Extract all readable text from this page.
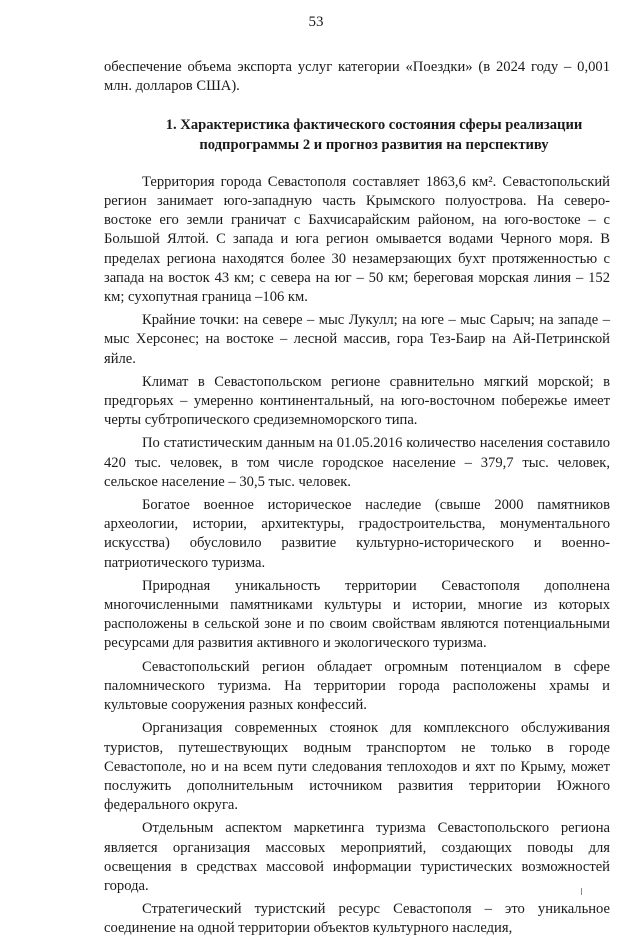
53

обеспечение объема экспорта услуг категории «Поездки» (в 2024 году – 0,001 млн. долларов США).

1. Характеристика фактического состояния сферы реализации
подпрограммы 2 и прогноз развития на перспективу

Территория города Севастополя составляет 1863,6 км². Севастопольский регион занимает юго-западную часть Крымского полуострова. На северо-востоке его земли граничат с Бахчисарайским районом, на юго-востоке – с Большой Ялтой. С запада и юга регион омывается водами Черного моря. В пределах региона находятся более 30 незамерзающих бухт протяженностью с запада на восток 43 км; с севера на юг – 50 км; береговая морская линия – 152 км; сухопутная граница –106 км.

Крайние точки: на севере – мыс Лукулл; на юге – мыс Сарыч; на западе – мыс Херсонес; на востоке – лесной массив, гора Тез-Баир на Ай-Петринской яйле.

Климат в Севастопольском регионе сравнительно мягкий морской; в предгорьях – умеренно континентальный, на юго-восточном побережье имеет черты субтропического средиземноморского типа.

По статистическим данным на 01.05.2016 количество населения составило 420 тыс. человек, в том числе городское население – 379,7 тыс. человек, сельское население – 30,5 тыс. человек.

Богатое военное историческое наследие (свыше 2000 памятников археологии, истории, архитектуры, градостроительства, монументального искусства) обусловило развитие культурно-исторического и военно-патриотического туризма.

Природная уникальность территории Севастополя дополнена многочисленными памятниками культуры и истории, многие из которых расположены в сельской зоне и по своим свойствам являются потенциальными ресурсами для развития активного и экологического туризма.

Севастопольский регион обладает огромным потенциалом в сфере паломнического туризма. На территории города расположены храмы и культовые сооружения разных конфессий.

Организация современных стоянок для комплексного обслуживания туристов, путешествующих водным транспортом не только в городе Севастополе, но и на всем пути следования теплоходов и яхт по Крыму, может послужить дополнительным источником развития территории Южного федерального округа.

Отдельным аспектом маркетинга туризма Севастопольского региона является организация массовых мероприятий, создающих поводы для освещения в средствах массовой информации туристических возможностей города.

Стратегический туристский ресурс Севастополя – это уникальное соединение на одной территории объектов культурного наследия,
